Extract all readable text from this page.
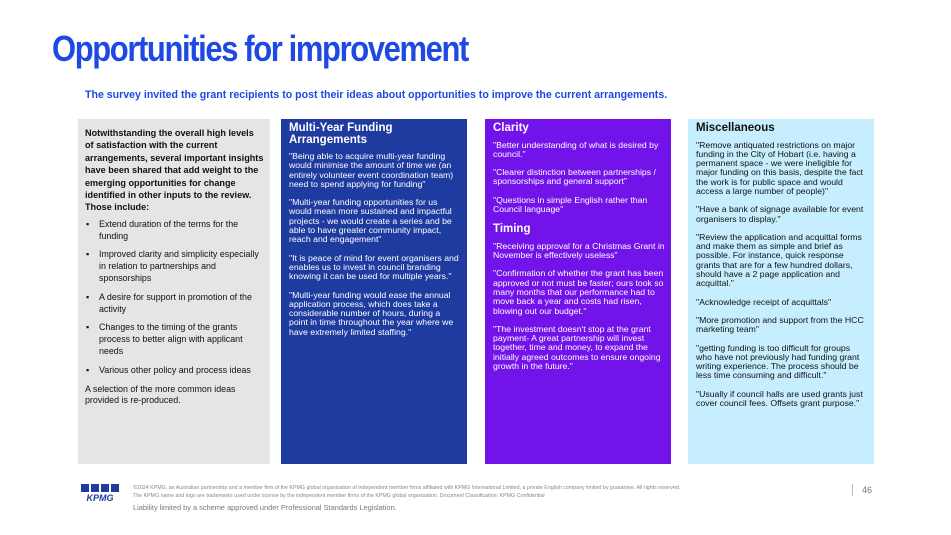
Opportunities for improvement
The survey invited the grant recipients to post their ideas about opportunities to improve the current arrangements.

Notwithstanding the overall high levels of satisfaction with the current arrangements, several important insights have been shared that add weight to the emerging opportunities for change identified in other inputs to the review. Those include:

▪ Extend duration of the terms for the funding
▪ Improved clarity and simplicity especially in relation to partnerships and sponsorships
▪ A desire for support in promotion of the activity
▪ Changes to the timing of the grants process to better align with applicant needs
▪ Various other policy and process ideas

A selection of the more common ideas provided is re-produced.

Multi-Year Funding Arrangements

"Being able to acquire multi-year funding would minimise the amount of time we (an entirely volunteer event coordination team) need to spend applying for funding"

"Multi-year funding opportunities for us would mean more sustained and impactful projects - we would create a series and be able to have greater community impact, reach and engagement"

"It is peace of mind for event organisers and enables us to invest in council branding knowing it can be used for multiple years."

"Multi-year funding would ease the annual application process, which does take a considerable number of hours, during a point in time throughout the year where we have extremely limited staffing."

Clarity

"Better understanding of what is desired by council."

"Clearer distinction between partnerships / sponsorships and general support"

"Questions in simple English rather than Council language"

Timing

"Receiving approval for a Christmas Grant in November is effectively useless"

"Confirmation of whether the grant has been approved or not must be faster; ours took so many months that our performance had to move back a year and costs had risen, blowing out our budget."

"The investment doesn't stop at the grant payment- A great partnership will invest together, time and money, to expand the initially agreed outcomes to ensure ongoing growth in the future."

Miscellaneous

"Remove antiquated restrictions on major funding in the City of Hobart (i.e. having a permanent space - we were ineligible for major funding on this basis, despite the fact the work is for public space and would access a large number of people)"

"Have a bank of signage available for event organisers to display."

"Review the application and acquittal forms and make them as simple and brief as possible. For instance, quick response grants that are for a few hundred dollars, should have a 2 page application and acquittal."

"Acknowledge receipt of acquittals"

"More promotion and support from the HCC marketing team"

"getting funding is too difficult for groups who have not previously had funding grant writing experience. The process should be less time consuming and difficult."

"Usually if council halls are used grants just cover council fees. Offsets grant purpose."

KPMG
©2024 KPMG, an Australian partnership and a member firm of the KPMG global organisation of independent member firms affiliated with KPMG International Limited, a private English company limited by guarantee. All rights reserved.
The KPMG name and logo are trademarks used under license by the independent member firms of the KPMG global organisation. Document Classification: KPMG Confidential
Liability limited by a scheme approved under Professional Standards Legislation.
46
